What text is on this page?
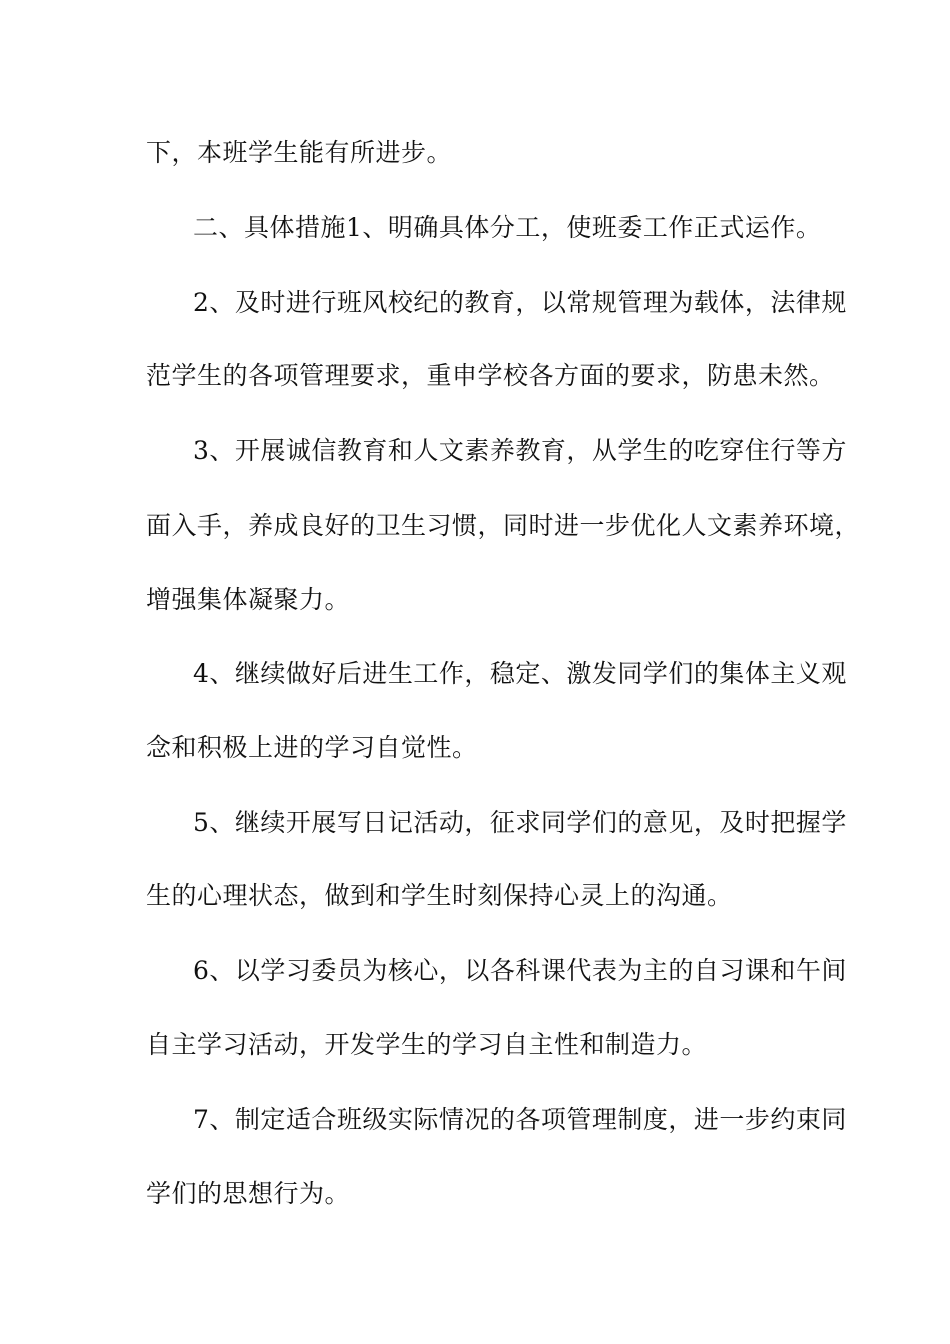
下，本班学生能有所进步。
二、具体措施1、明确具体分工，使班委工作正式运作。
2、及时进行班风校纪的教育，以常规管理为载体，法律规
范学生的各项管理要求，重申学校各方面的要求，防患未然。
3、开展诚信教育和人文素养教育，从学生的吃穿住行等方
面入手，养成良好的卫生习惯，同时进一步优化人文素养环境，
增强集体凝聚力。
4、继续做好后进生工作，稳定、激发同学们的集体主义观
念和积极上进的学习自觉性。
5、继续开展写日记活动，征求同学们的意见，及时把握学
生的心理状态，做到和学生时刻保持心灵上的沟通。
6、以学习委员为核心，以各科课代表为主的自习课和午间
自主学习活动，开发学生的学习自主性和制造力。
7、制定适合班级实际情况的各项管理制度，进一步约束同
学们的思想行为。
